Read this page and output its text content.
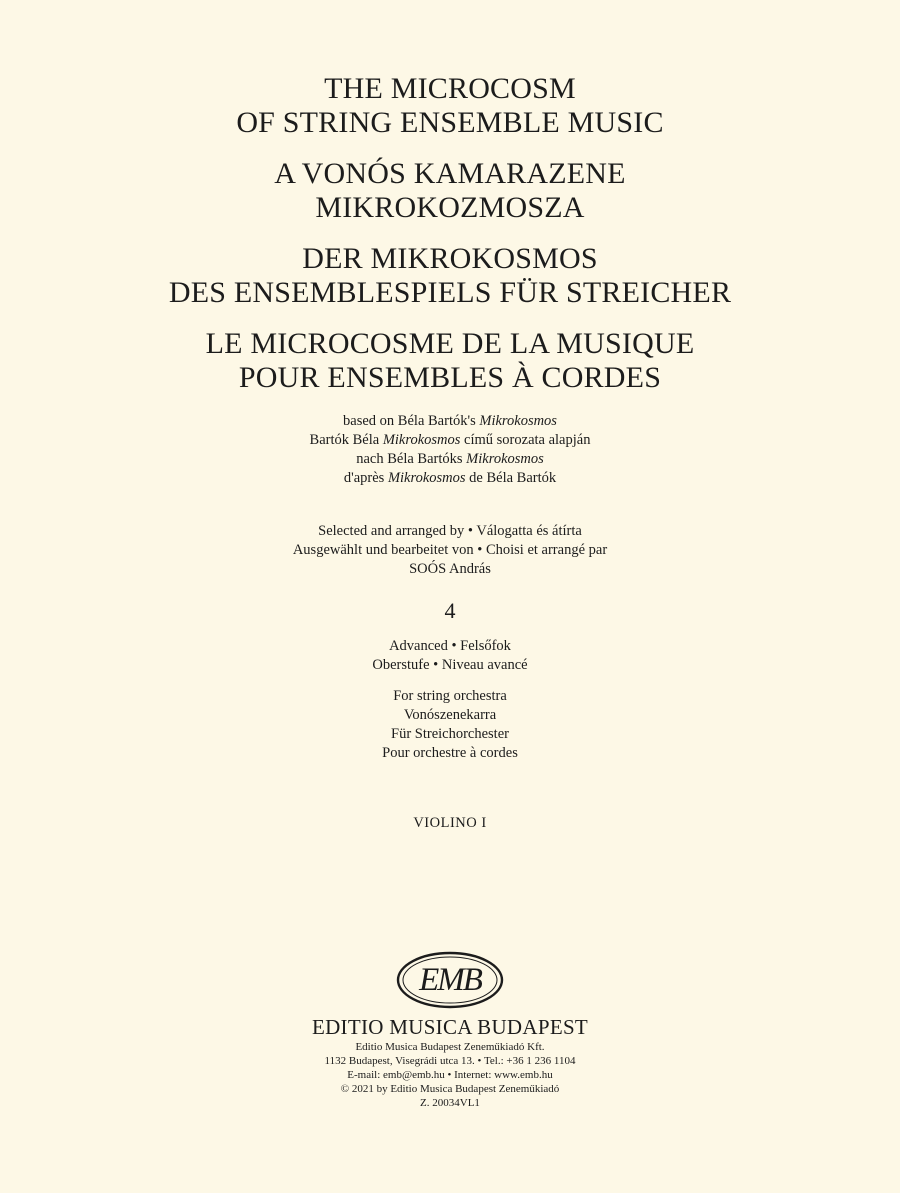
THE MICROCOSM
OF STRING ENSEMBLE MUSIC
A VONÓS KAMARAZENE
MIKROKOZMOSZA
DER MIKROKOSMOS
DES ENSEMBLESPIELS FÜR STREICHER
LE MICROCOSME DE LA MUSIQUE
POUR ENSEMBLES À CORDES
based on Béla Bartók's Mikrokosmos
Bartók Béla Mikrokosmos című sorozata alapján
nach Béla Bartóks Mikrokosmos
d'après Mikrokosmos de Béla Bartók
Selected and arranged by • Válogatta és átírta
Ausgewählt und bearbeitet von • Choisi et arrangé par
SOÓS András
4
Advanced • Felsőfok
Oberstufe • Niveau avancé
For string orchestra
Vonószenekarra
Für Streichorchester
Pour orchestre à cordes
VIOLINO I
EMB
EDITIO MUSICA BUDAPEST
Editio Musica Budapest Zeneműkiadó Kft.
1132 Budapest, Visegrádi utca 13. • Tel.: +36 1 236 1104
E-mail: emb@emb.hu • Internet: www.emb.hu
© 2021 by Editio Musica Budapest Zeneműkiadó
Z. 20034VL1
